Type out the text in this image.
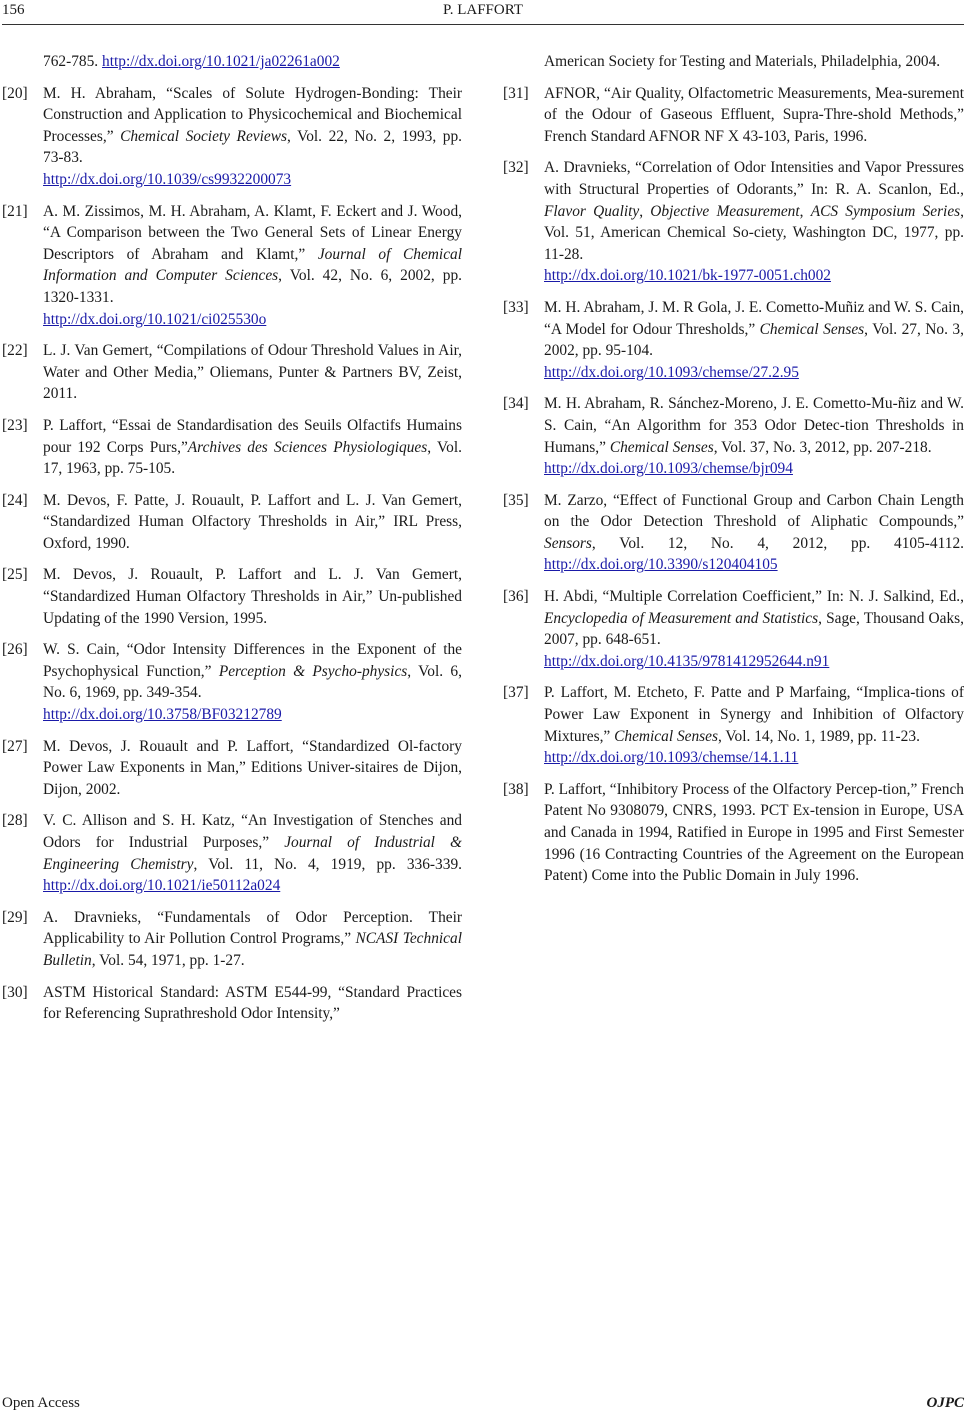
156	P. LAFFORT
762-785. http://dx.doi.org/10.1021/ja02261a002
[20] M. H. Abraham, “Scales of Solute Hydrogen-Bonding: Their Construction and Application to Physicochemical and Biochemical Processes,” Chemical Society Reviews, Vol. 22, No. 2, 1993, pp. 73-83.
http://dx.doi.org/10.1039/cs9932200073
[21] A. M. Zissimos, M. H. Abraham, A. Klamt, F. Eckert and J. Wood, “A Comparison between the Two General Sets of Linear Energy Descriptors of Abraham and Klamt,” Journal of Chemical Information and Computer Sciences, Vol. 42, No. 6, 2002, pp. 1320-1331.
http://dx.doi.org/10.1021/ci025530o
[22] L. J. Van Gemert, “Compilations of Odour Threshold Values in Air, Water and Other Media,” Oliemans, Punter & Partners BV, Zeist, 2011.
[23] P. Laffort, “Essai de Standardisation des Seuils Olfactifs Humains pour 192 Corps Purs,”Archives des Sciences Physiologiques, Vol. 17, 1963, pp. 75-105.
[24] M. Devos, F. Patte, J. Rouault, P. Laffort and L. J. Van Gemert, “Standardized Human Olfactory Thresholds in Air,” IRL Press, Oxford, 1990.
[25] M. Devos, J. Rouault, P. Laffort and L. J. Van Gemert, “Standardized Human Olfactory Thresholds in Air,” Un-published Updating of the 1990 Version, 1995.
[26] W. S. Cain, “Odor Intensity Differences in the Exponent of the Psychophysical Function,” Perception & Psycho-physics, Vol. 6, No. 6, 1969, pp. 349-354.
http://dx.doi.org/10.3758/BF03212789
[27] M. Devos, J. Rouault and P. Laffort, “Standardized Ol-factory Power Law Exponents in Man,” Editions Univer-sitaires de Dijon, Dijon, 2002.
[28] V. C. Allison and S. H. Katz, “An Investigation of Stenches and Odors for Industrial Purposes,” Journal of Industrial & Engineering Chemistry, Vol. 11, No. 4, 1919, pp. 336-339. http://dx.doi.org/10.1021/ie50112a024
[29] A. Dravnieks, “Fundamentals of Odor Perception. Their Applicability to Air Pollution Control Programs,” NCASI Technical Bulletin, Vol. 54, 1971, pp. 1-27.
[30] ASTM Historical Standard: ASTM E544-99, “Standard Practices for Referencing Suprathreshold Odor Intensity,”
American Society for Testing and Materials, Philadelphia, 2004.
[31] AFNOR, “Air Quality, Olfactometric Measurements, Mea-surement of the Odour of Gaseous Effluent, Supra-Thre-shold Methods,” French Standard AFNOR NF X 43-103, Paris, 1996.
[32] A. Dravnieks, “Correlation of Odor Intensities and Vapor Pressures with Structural Properties of Odorants,” In: R. A. Scanlon, Ed., Flavor Quality, Objective Measurement, ACS Symposium Series, Vol. 51, American Chemical So-ciety, Washington DC, 1977, pp. 11-28.
http://dx.doi.org/10.1021/bk-1977-0051.ch002
[33] M. H. Abraham, J. M. R Gola, J. E. Cometto-Muñiz and W. S. Cain, “A Model for Odour Thresholds,” Chemical Senses, Vol. 27, No. 3, 2002, pp. 95-104.
http://dx.doi.org/10.1093/chemse/27.2.95
[34] M. H. Abraham, R. Sánchez-Moreno, J. E. Cometto-Mu-ñiz and W. S. Cain, “An Algorithm for 353 Odor Detec-tion Thresholds in Humans,” Chemical Senses, Vol. 37, No. 3, 2012, pp. 207-218.
http://dx.doi.org/10.1093/chemse/bjr094
[35] M. Zarzo, “Effect of Functional Group and Carbon Chain Length on the Odor Detection Threshold of Aliphatic Compounds,” Sensors, Vol. 12, No. 4, 2012, pp. 4105-4112. http://dx.doi.org/10.3390/s120404105
[36] H. Abdi, “Multiple Correlation Coefficient,” In: N. J. Salkind, Ed., Encyclopedia of Measurement and Statistics, Sage, Thousand Oaks, 2007, pp. 648-651.
http://dx.doi.org/10.4135/9781412952644.n91
[37] P. Laffort, M. Etcheto, F. Patte and P Marfaing, “Implica-tions of Power Law Exponent in Synergy and Inhibition of Olfactory Mixtures,” Chemical Senses, Vol. 14, No. 1, 1989, pp. 11-23.
http://dx.doi.org/10.1093/chemse/14.1.11
[38] P. Laffort, “Inhibitory Process of the Olfactory Percep-tion,” French Patent No 9308079, CNRS, 1993. PCT Ex-tension in Europe, USA and Canada in 1994, Ratified in Europe in 1995 and First Semester 1996 (16 Contracting Countries of the Agreement on the European Patent) Come into the Public Domain in July 1996.
Open Access	OJPC
